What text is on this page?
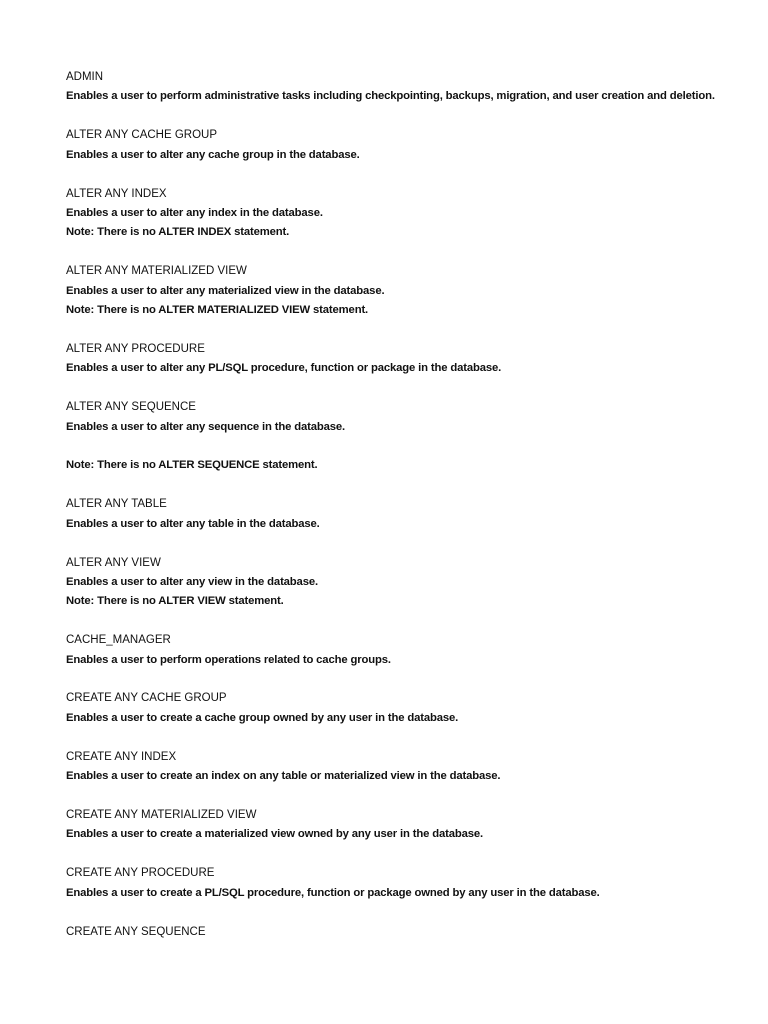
ADMIN
Enables a user to perform administrative tasks including checkpointing, backups, migration, and user creation and deletion.
ALTER ANY CACHE GROUP
Enables a user to alter any cache group in the database.
ALTER ANY INDEX
Enables a user to alter any index in the database.
Note: There is no ALTER INDEX statement.
ALTER ANY MATERIALIZED VIEW
Enables a user to alter any materialized view in the database.
Note: There is no ALTER MATERIALIZED VIEW statement.
ALTER ANY PROCEDURE
Enables a user to alter any PL/SQL procedure, function or package in the database.
ALTER ANY SEQUENCE
Enables a user to alter any sequence in the database.
Note: There is no ALTER SEQUENCE statement.
ALTER ANY TABLE
Enables a user to alter any table in the database.
ALTER ANY VIEW
Enables a user to alter any view in the database.
Note: There is no ALTER VIEW statement.
CACHE_MANAGER
Enables a user to perform operations related to cache groups.
CREATE ANY CACHE GROUP
Enables a user to create a cache group owned by any user in the database.
CREATE ANY INDEX
Enables a user to create an index on any table or materialized view in the database.
CREATE ANY MATERIALIZED VIEW
Enables a user to create a materialized view owned by any user in the database.
CREATE ANY PROCEDURE
Enables a user to create a PL/SQL procedure, function or package owned by any user in the database.
CREATE ANY SEQUENCE
